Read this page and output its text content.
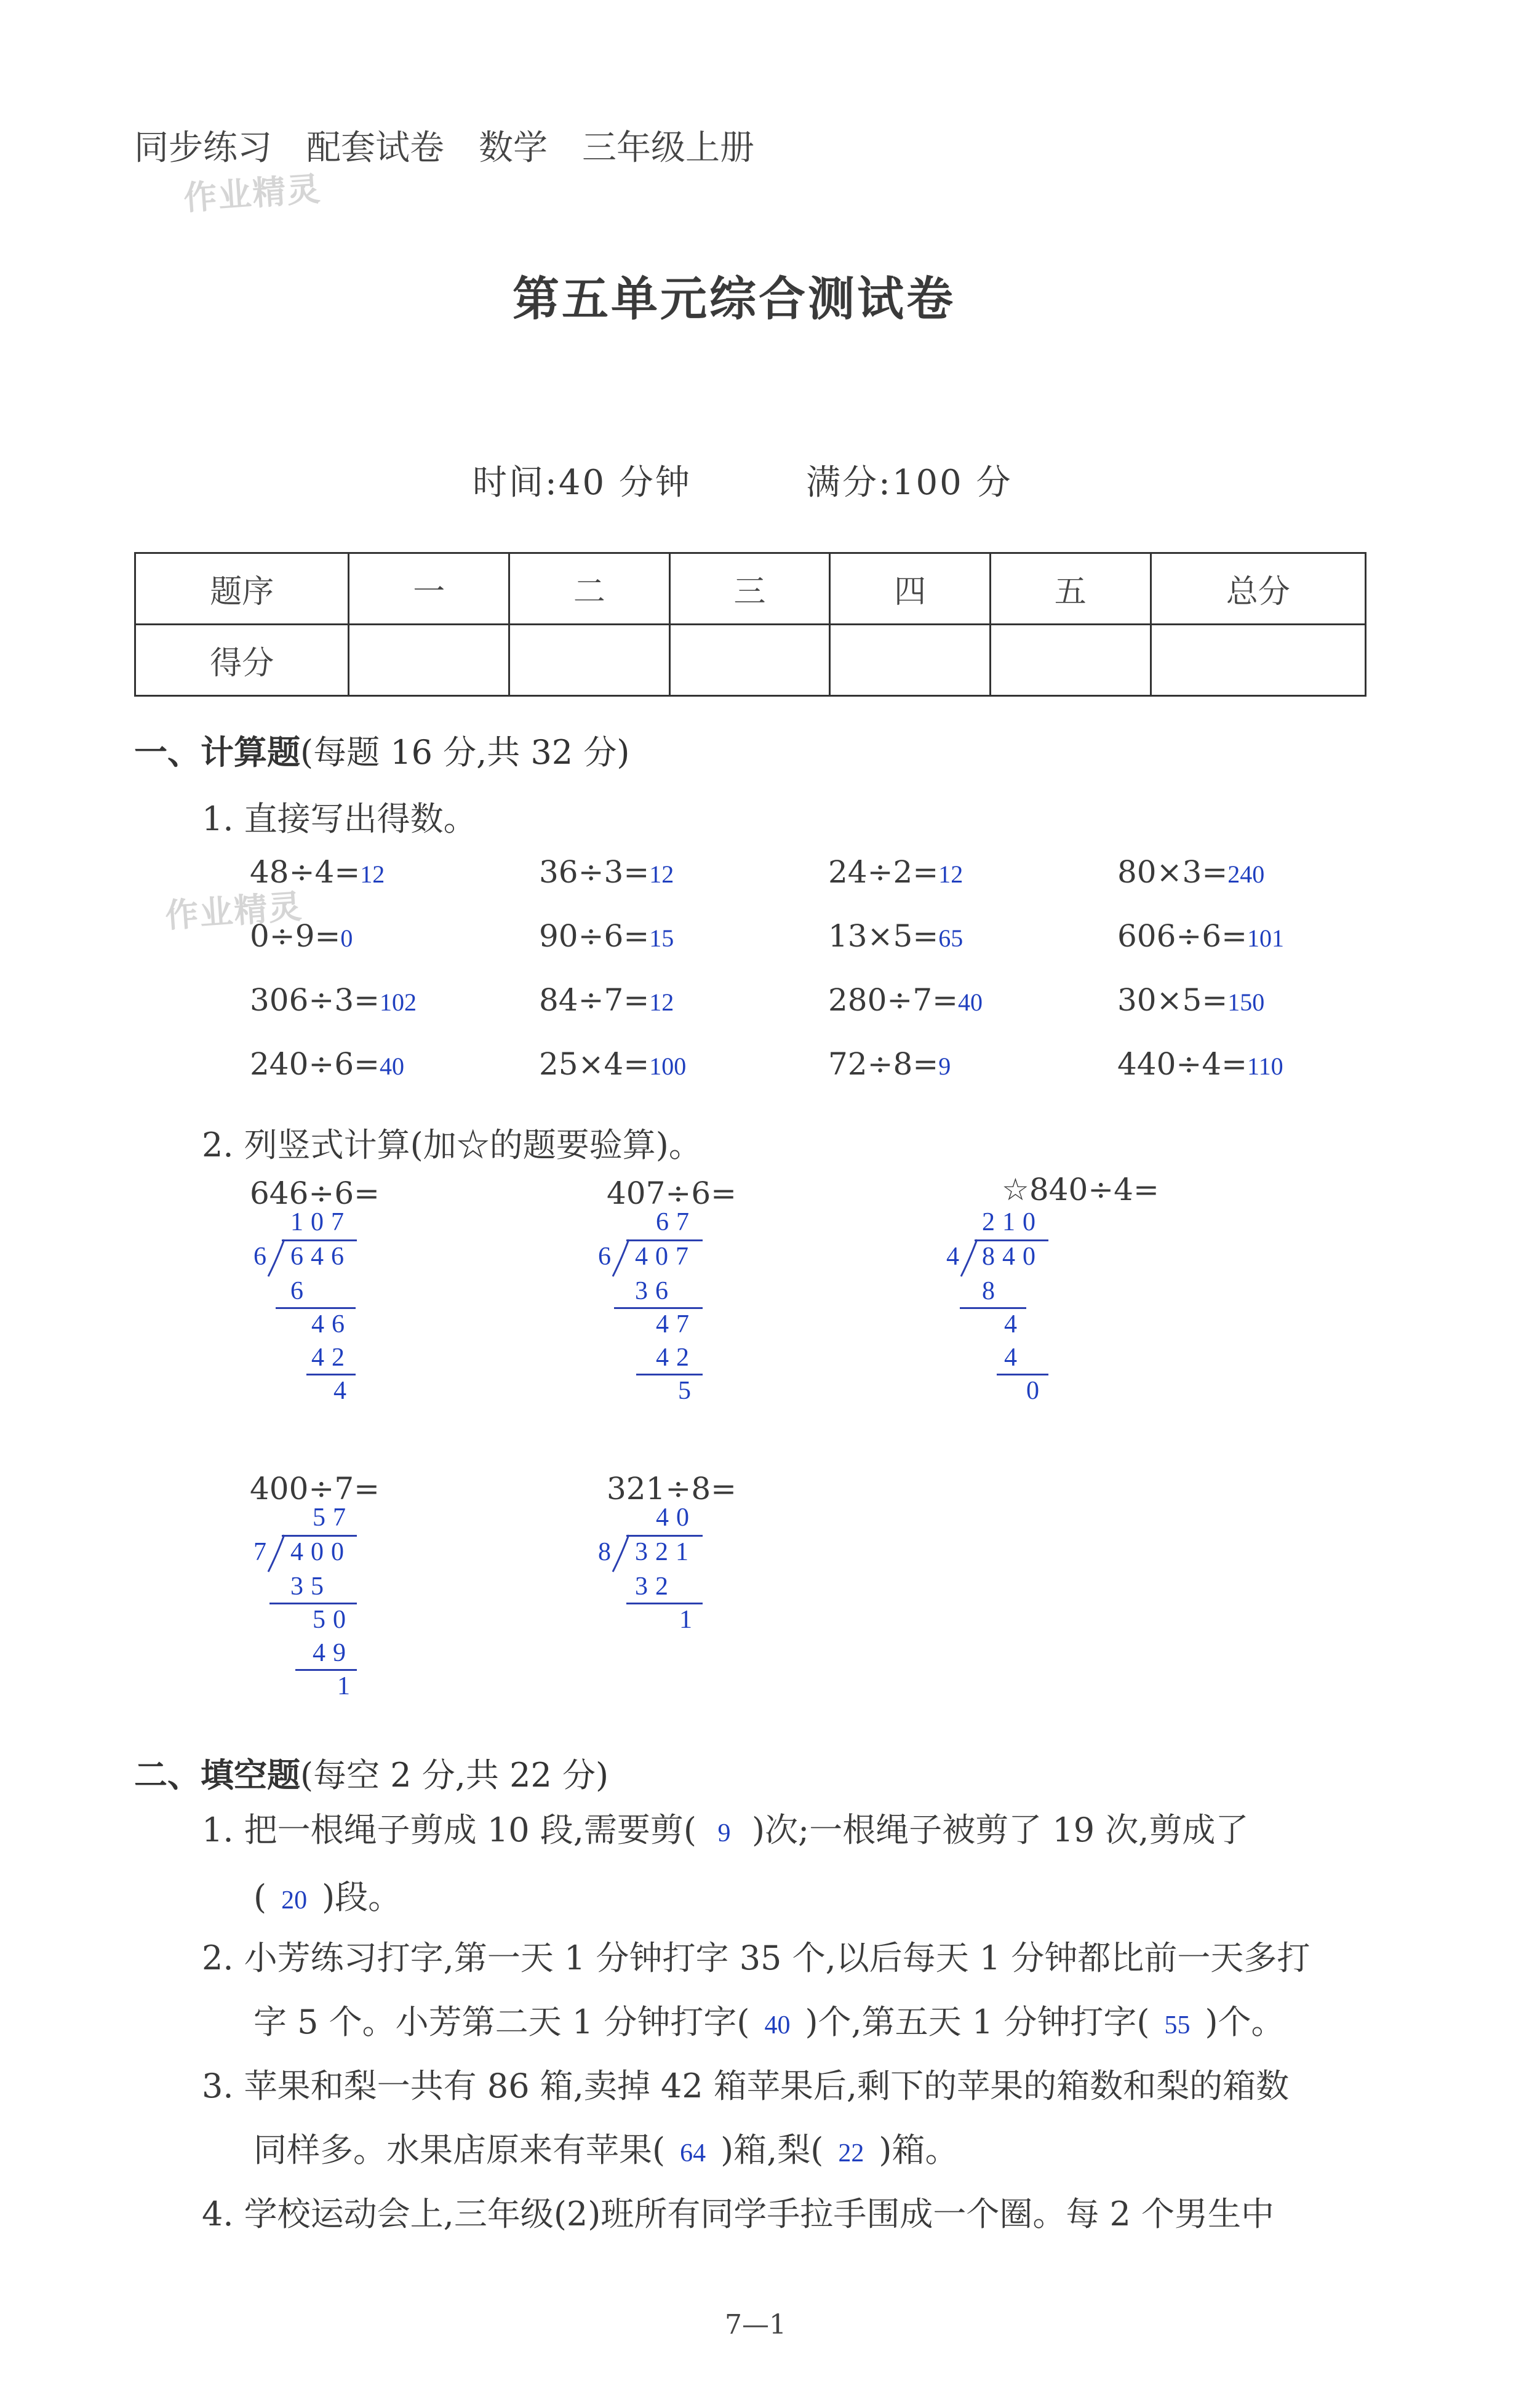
同步练习　配套试卷　数学　三年级上册
作业精灵
作业精灵
第五单元综合测试卷
时间:40 分钟	满分:100 分
题序	一	二	三	四	五	总分
得分						
一、计算题(每题 16 分,共 32 分)
1. 直接写出得数。
48÷4=12	36÷3=12	24÷2=12	80×3=240
0÷9=0	90÷6=15	13×5=65	606÷6=101
306÷3=102	84÷7=12	280÷7=40	30×5=150
240÷6=40	25×4=100	72÷8=9	440÷4=110
2. 列竖式计算(加☆的题要验算)。
646÷6=
107
6 646
6
46
42
4
407÷6=
67
6 407
36
47
42
5
☆840÷4=
210
4 840
8
4
4
0
400÷7=
57
7 400
35
50
49
1
321÷8=
40
8 321
32
1
二、填空题(每空 2 分,共 22 分)
1. 把一根绳子剪成 10 段,需要剪( 9 )次;一根绳子被剪了 19 次,剪成了
( 20 )段。
2. 小芳练习打字,第一天 1 分钟打字 35 个,以后每天 1 分钟都比前一天多打
字 5 个。小芳第二天 1 分钟打字( 40 )个,第五天 1 分钟打字( 55 )个。
3. 苹果和梨一共有 86 箱,卖掉 42 箱苹果后,剩下的苹果的箱数和梨的箱数
同样多。水果店原来有苹果( 64 )箱,梨( 22 )箱。
4. 学校运动会上,三年级(2)班所有同学手拉手围成一个圈。每 2 个男生中
7—1
